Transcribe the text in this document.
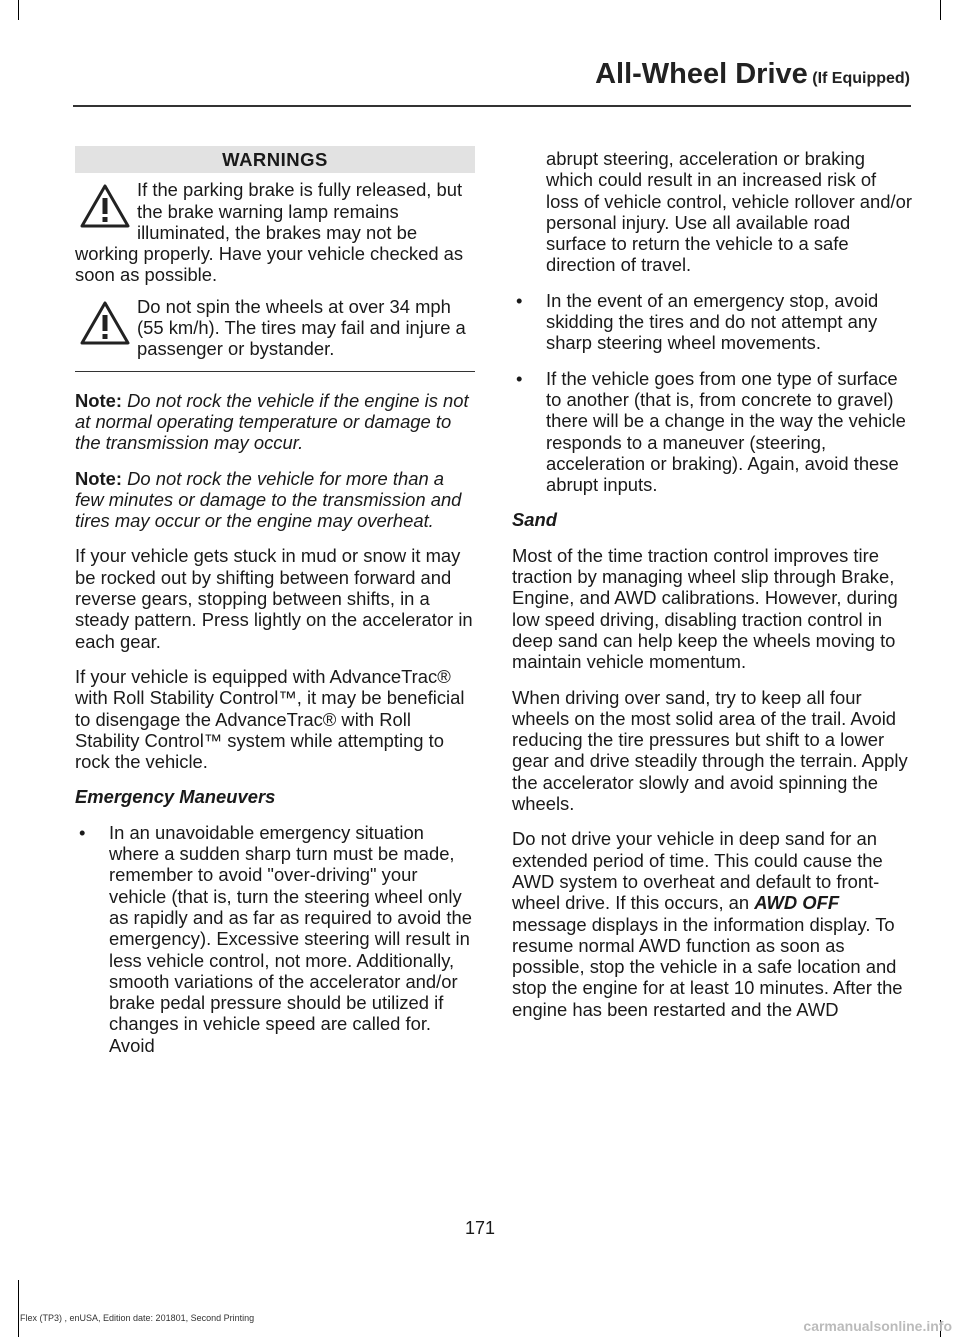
All-Wheel Drive (If Equipped)
WARNINGS
If the parking brake is fully released, but the brake warning lamp remains illuminated, the brakes may not be working properly. Have your vehicle checked as soon as possible.
Do not spin the wheels at over 34 mph (55 km/h). The tires may fail and injure a passenger or bystander.

Note: Do not rock the vehicle if the engine is not at normal operating temperature or damage to the transmission may occur.

Note: Do not rock the vehicle for more than a few minutes or damage to the transmission and tires may occur or the engine may overheat.

If your vehicle gets stuck in mud or snow it may be rocked out by shifting between forward and reverse gears, stopping between shifts, in a steady pattern. Press lightly on the accelerator in each gear.

If your vehicle is equipped with AdvanceTrac® with Roll Stability Control™, it may be beneficial to disengage the AdvanceTrac® with Roll Stability Control™ system while attempting to rock the vehicle.

Emergency Maneuvers
• In an unavoidable emergency situation where a sudden sharp turn must be made, remember to avoid "over-driving" your vehicle (that is, turn the steering wheel only as rapidly and as far as required to avoid the emergency). Excessive steering will result in less vehicle control, not more. Additionally, smooth variations of the accelerator and/or brake pedal pressure should be utilized if changes in vehicle speed are called for. Avoid
abrupt steering, acceleration or braking which could result in an increased risk of loss of vehicle control, vehicle rollover and/or personal injury. Use all available road surface to return the vehicle to a safe direction of travel.
• In the event of an emergency stop, avoid skidding the tires and do not attempt any sharp steering wheel movements.
• If the vehicle goes from one type of surface to another (that is, from concrete to gravel) there will be a change in the way the vehicle responds to a maneuver (steering, acceleration or braking). Again, avoid these abrupt inputs.
Sand

Most of the time traction control improves tire traction by managing wheel slip through Brake, Engine, and AWD calibrations. However, during low speed driving, disabling traction control in deep sand can help keep the wheels moving to maintain vehicle momentum.

When driving over sand, try to keep all four wheels on the most solid area of the trail. Avoid reducing the tire pressures but shift to a lower gear and drive steadily through the terrain. Apply the accelerator slowly and avoid spinning the wheels.

Do not drive your vehicle in deep sand for an extended period of time. This could cause the AWD system to overheat and default to front-wheel drive. If this occurs, an AWD OFF message displays in the information display. To resume normal AWD function as soon as possible, stop the vehicle in a safe location and stop the engine for at least 10 minutes. After the engine has been restarted and the AWD

171
Flex (TP3) , enUSA, Edition date: 201801, Second Printing	carmanualsonline.info
